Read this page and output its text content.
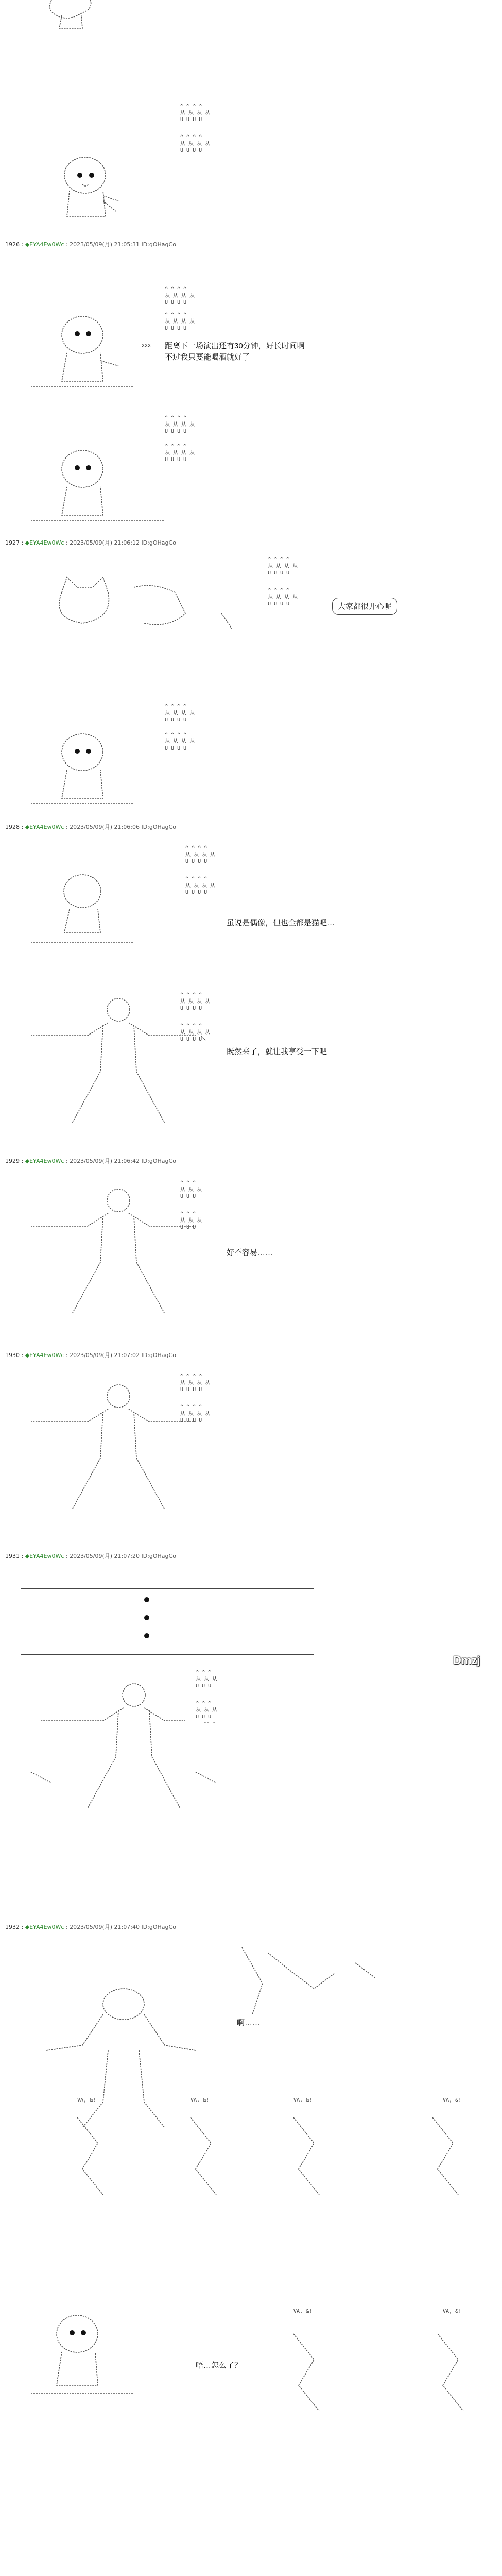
^ ^ ^ ^
从 从 从 从
U U U U
^ ^ ^ ^
从 从 从 从
U U U U
1926 : ◆EYA4Ew0Wc : 2023/05/09(月) 21:05:31 ID:gOHagCo
^ ^ ^ ^
从 从 从 从
U U U U
^ ^ ^ ^
从 从 从 从
U U U U
XXX 距离下一场演出还有30分钟，好长时间啊
不过我只要能喝酒就好了
^ ^ ^ ^
从 从 从 从
U U U U
^ ^ ^ ^
从 从 从 从
U U U U
1927 : ◆EYA4Ew0Wc : 2023/05/09(月) 21:06:12 ID:gOHagCo
^ ^ ^ ^
从 从 从 从
U U U U
^ ^ ^ ^
从 从 从 从
U U U U	大家都很开心呢
^ ^ ^ ^
从 从 从 从
U U U U
^ ^ ^ ^
从 从 从 从
U U U U
1928 : ◆EYA4Ew0Wc : 2023/05/09(月) 21:06:06 ID:gOHagCo
^ ^ ^ ^
从 从 从 从
U U U U
^ ^ ^ ^
从 从 从 从
U U U U
虽说是偶像，但也全都是猫吧…
^ ^ ^ ^
从 从 从 从
U U U U
^ ^ ^ ^
从 从 从 从
U U U U
既然来了，就让我享受一下吧
1929 : ◆EYA4Ew0Wc : 2023/05/09(月) 21:06:42 ID:gOHagCo
^ ^ ^
从 从 从
U U U
^ ^ ^
从 从 从
U U U
好不容易……
1930 : ◆EYA4Ew0Wc : 2023/05/09(月) 21:07:02 ID:gOHagCo
^ ^ ^ ^
从 从 从 从
U U U U
^ ^ ^ ^
从 从 从 从
U U U U
1931 : ◆EYA4Ew0Wc : 2023/05/09(月) 21:07:20 ID:gOHagCo
^ ^ ^
从 从 从
U U U
^ ^ ^
从 从 从
U U U
"" "
1932 : ◆EYA4Ew0Wc : 2023/05/09(月) 21:07:40 ID:gOHagCo
啊……
VA, &!	VA, &!	VA, &!	VA, &!
VA, &!	VA, &!
唔…怎么了？
Dmzj
